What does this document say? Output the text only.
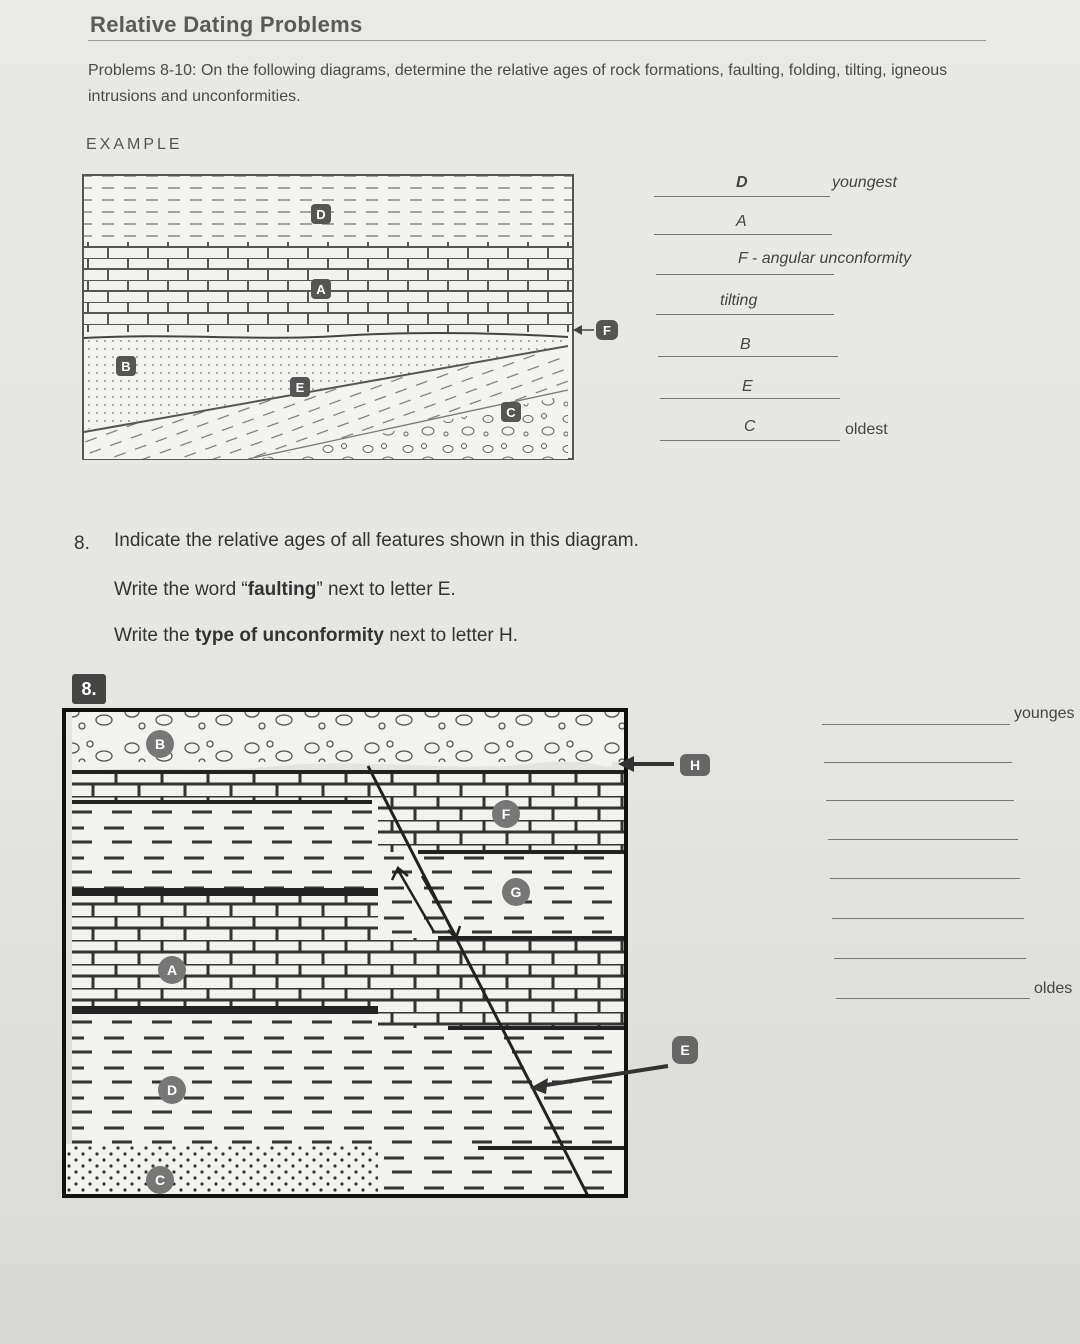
Relative Dating Problems
Problems 8-10: On the following diagrams, determine the relative ages of rock formations, faulting, folding, tilting, igneous intrusions and unconformities.
EXAMPLE
D
A
B
E
C
F
D	youngest
A
F - angular unconformity
tilting
B
E
C	oldest
8. Indicate the relative ages of all features shown in this diagram.
Write the word “faulting” next to letter E.
Write the type of unconformity next to letter H.
8.
B
H
F
G
A
E
D
C
younges
oldes
